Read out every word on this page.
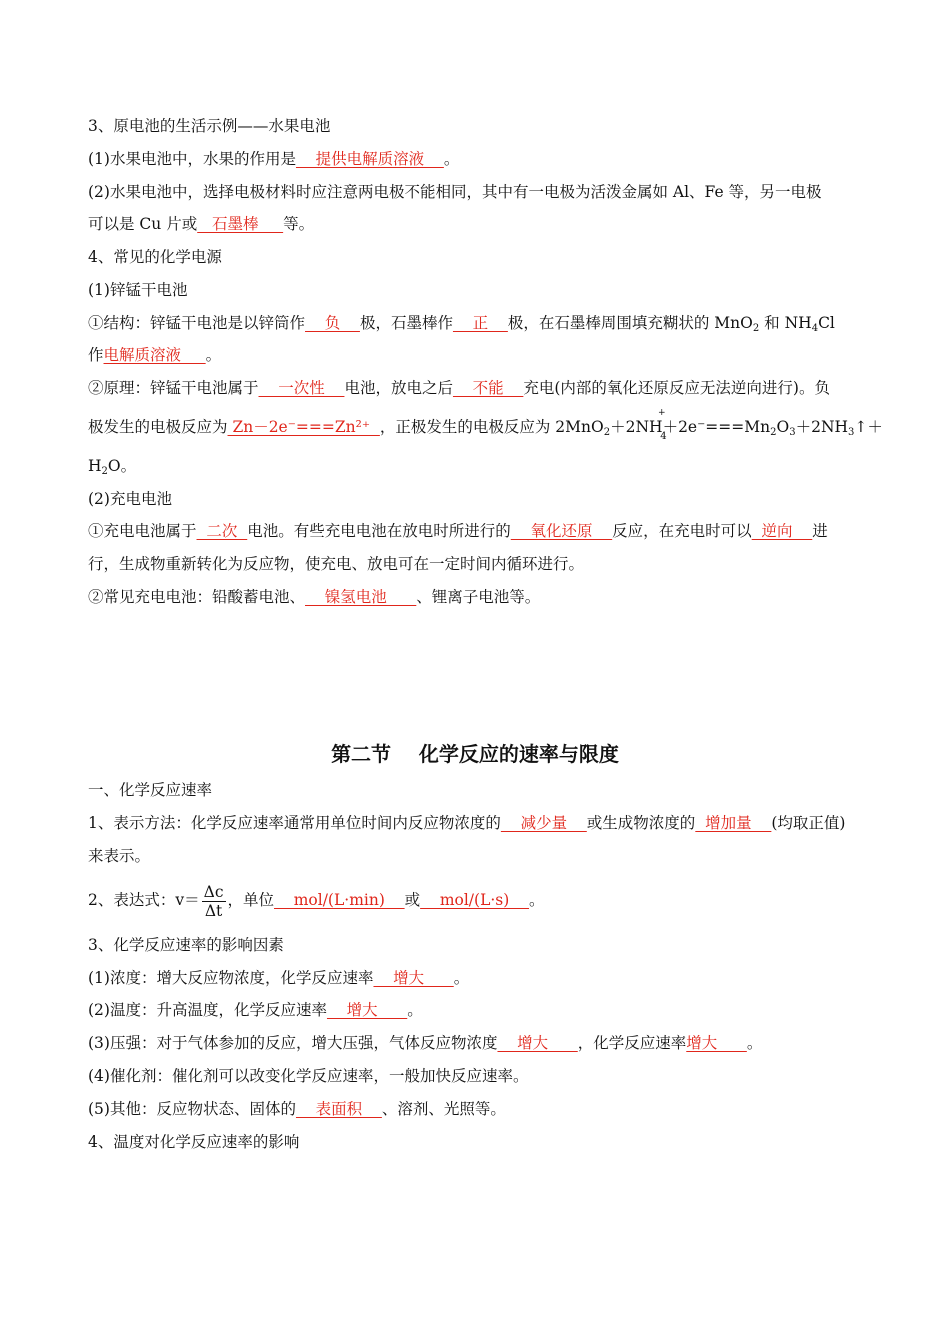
3、原电池的生活示例——水果电池
(1)水果电池中，水果的作用是    提供电解质溶液    。
(2)水果电池中，选择电极材料时应注意两电极不能相同，其中有一电极为活泼金属如 Al、Fe 等，另一电极
可以是 Cu 片或   石墨棒     等。
4、常见的化学电源
(1)锌锰干电池
①结构：锌锰干电池是以锌筒作    负    极，石墨棒作    正    极，在石墨棒周围填充糊状的 MnO$_2$ 和 $NH_4Cl$
作电解质溶液     。
②原理：锌锰干电池属于    一次性    电池，放电之后    不能    充电(内部的氧化还原反应无法逆向进行)。负
极发生的电极反应为 Zn－2e⁻===Zn²⁺  ，正极发生的电极反应为 2MnO$_2$＋2NH
+
4
$+2e^-===Mn_2O_3+2NH_3↑+$
$H_2O$。
(2)充电电池
①充电电池属于  二次  电池。有些充电电池在放电时所进行的    氧化还原    反应，在充电时可以  逆向    进
行，生成物重新转化为反应物，使充电、放电可在一定时间内循环进行。
②常见充电电池：铅酸蓄电池、    镍氢电池      、锂离子电池等。
第二节    化学反应的速率与限度
一、化学反应速率
1、表示方法：化学反应速率通常用单位时间内反应物浓度的    减少量    或生成物浓度的  增加量    (均取正值)
来表示。
2、表达式：$v= \frac{\Delta c}{\Delta t}$ ，单位    mol/(L·min)    或    mol/(L·s)    。
3、化学反应速率的影响因素
(1)浓度：增大反应物浓度，化学反应速率    增大      。
(2)温度：升高温度，化学反应速率    增大      。
(3)压强：对于气体参加的反应，增大压强，气体反应物浓度    增大      ，化学反应速率增大      。
(4)催化剂：催化剂可以改变化学反应速率，一般加快反应速率。
(5)其他：反应物状态、固体的    表面积    、溶剂、光照等。
4、温度对化学反应速率的影响
